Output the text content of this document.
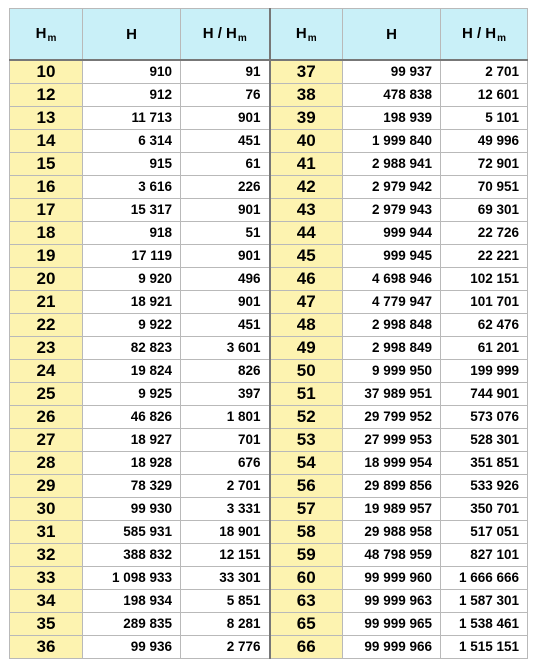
$H_m$	H	H / $H_m$	$H_m$	H	H / $H_m$
10	910	91	37	99 937	2 701
12	912	76	38	478 838	12 601
13	11 713	901	39	198 939	5 101
14	6 314	451	40	1 999 840	49 996
15	915	61	41	2 988 941	72 901
16	3 616	226	42	2 979 942	70 951
17	15 317	901	43	2 979 943	69 301
18	918	51	44	999 944	22 726
19	17 119	901	45	999 945	22 221
20	9 920	496	46	4 698 946	102 151
21	18 921	901	47	4 779 947	101 701
22	9 922	451	48	2 998 848	62 476
23	82 823	3 601	49	2 998 849	61 201
24	19 824	826	50	9 999 950	199 999
25	9 925	397	51	37 989 951	744 901
26	46 826	1 801	52	29 799 952	573 076
27	18 927	701	53	27 999 953	528 301
28	18 928	676	54	18 999 954	351 851
29	78 329	2 701	56	29 899 856	533 926
30	99 930	3 331	57	19 989 957	350 701
31	585 931	18 901	58	29 988 958	517 051
32	388 832	12 151	59	48 798 959	827 101
33	1 098 933	33 301	60	99 999 960	1 666 666
34	198 934	5 851	63	99 999 963	1 587 301
35	289 835	8 281	65	99 999 965	1 538 461
36	99 936	2 776	66	99 999 966	1 515 151
